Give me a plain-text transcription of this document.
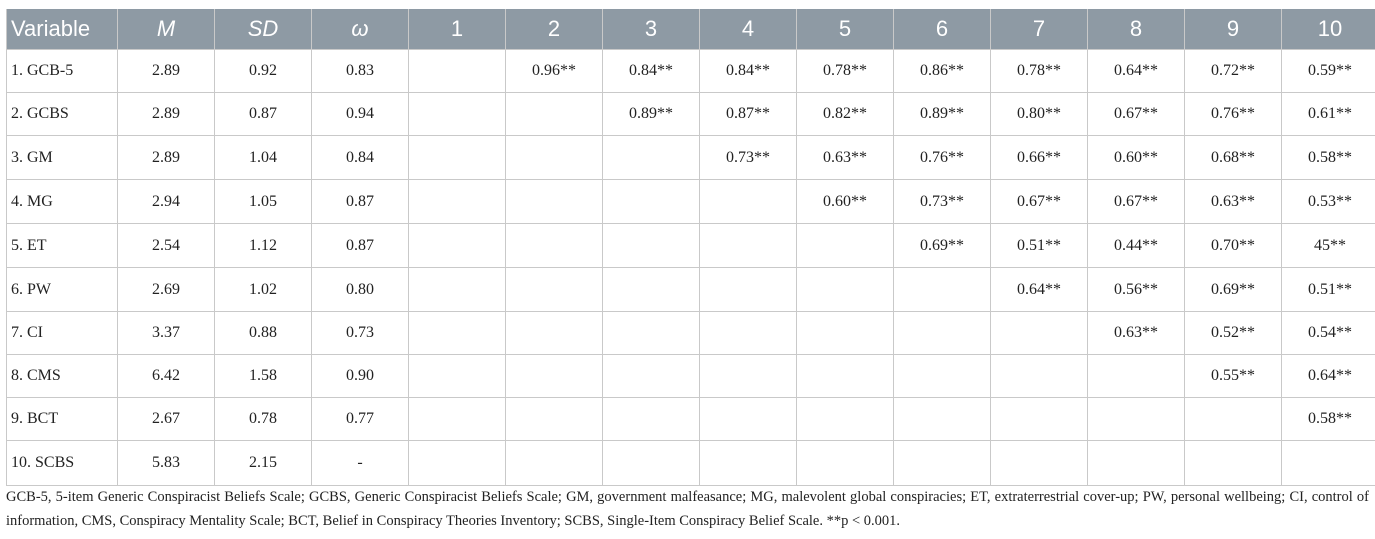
Variable	M	SD	ω	1	2	3	4	5	6	7	8	9	10
1. GCB-5	2.89	0.92	0.83		0.96**	0.84**	0.84**	0.78**	0.86**	0.78**	0.64**	0.72**	0.59**
2. GCBS	2.89	0.87	0.94			0.89**	0.87**	0.82**	0.89**	0.80**	0.67**	0.76**	0.61**
3. GM	2.89	1.04	0.84				0.73**	0.63**	0.76**	0.66**	0.60**	0.68**	0.58**
4. MG	2.94	1.05	0.87					0.60**	0.73**	0.67**	0.67**	0.63**	0.53**
5. ET	2.54	1.12	0.87						0.69**	0.51**	0.44**	0.70**	45**
6. PW	2.69	1.02	0.80							0.64**	0.56**	0.69**	0.51**
7. CI	3.37	0.88	0.73								0.63**	0.52**	0.54**
8. CMS	6.42	1.58	0.90									0.55**	0.64**
9. BCT	2.67	0.78	0.77										0.58**
10. SCBS	5.83	2.15	-										
GCB-5, 5-item Generic Conspiracist Beliefs Scale; GCBS, Generic Conspiracist Beliefs Scale; GM, government malfeasance; MG, malevolent global conspiracies; ET, extraterrestrial cover-up; PW, personal wellbeing; CI, control of information, CMS, Conspiracy Mentality Scale; BCT, Belief in Conspiracy Theories Inventory; SCBS, Single-Item Conspiracy Belief Scale. **p < 0.001.
